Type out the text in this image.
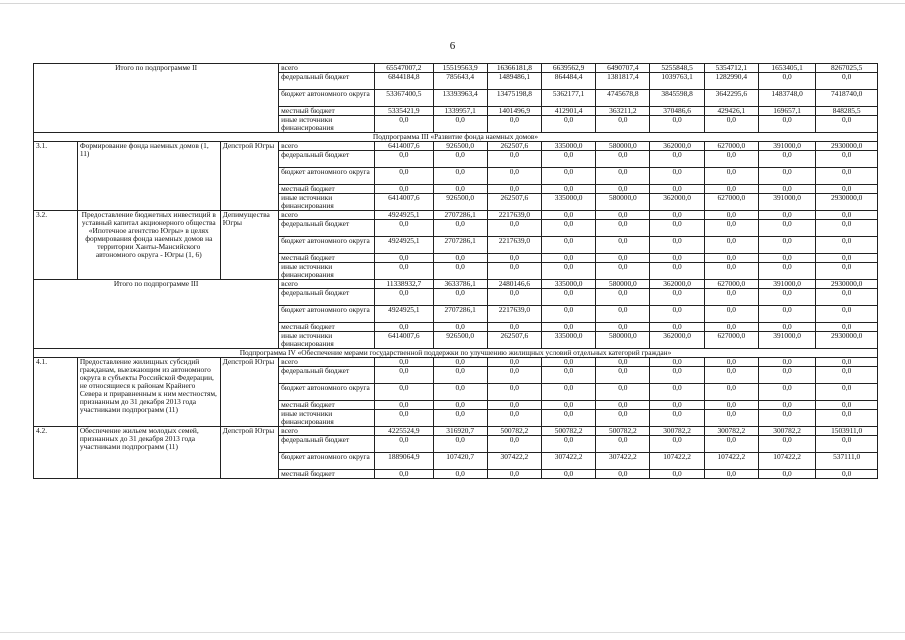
6
Итого по подпрограмме II			всего	65547007,2	15519563,9	16366181,8	6639562,9	6490707,4	5255848,5	5354712,1	1653405,1	8267025,5
			федеральный бюджет	6844184,8	785643,4	1489486,1	864484,4	1381817,4	1039763,1	1282990,4	0,0	0,0
			бюджет автономного округа	53367400,5	13393963,4	13475198,8	5362177,1	4745678,8	3845598,8	3642295,6	1483748,0	7418740,0
			местный бюджет	5335421,9	1339957,1	1401496,9	412901,4	363211,2	370486,6	429426,1	169657,1	848285,5
			иные источники финансирования	0,0	0,0	0,0	0,0	0,0	0,0	0,0	0,0	0,0
Подпрограмма III «Развитие фонда наемных домов»												
3.1.	Формирование фонда наемных домов (1, 11)	Депстрой Югры	всего	6414007,6	926500,0	262507,6	335000,0	580000,0	362000,0	627000,0	391000,0	2930000,0
			федеральный бюджет	0,0	0,0	0,0	0,0	0,0	0,0	0,0	0,0	0,0
			бюджет автономного округа	0,0	0,0	0,0	0,0	0,0	0,0	0,0	0,0	0,0
			местный бюджет	0,0	0,0	0,0	0,0	0,0	0,0	0,0	0,0	0,0
			иные источники финансирования	6414007,6	926500,0	262507,6	335000,0	580000,0	362000,0	627000,0	391000,0	2930000,0
3.2.	Предоставление бюджетных инвестиций в уставный капитал акционерного общества «Ипотечное агентство Югры» в целях формирования фонда наемных домов на территории Ханты-Мансийского автономного округа - Югры (1, 6)	Депимущества Югры	всего	4924925,1	2707286,1	2217639,0	0,0	0,0	0,0	0,0	0,0	0,0
			федеральный бюджет	0,0	0,0	0,0	0,0	0,0	0,0	0,0	0,0	0,0
			бюджет автономного округа	4924925,1	2707286,1	2217639,0	0,0	0,0	0,0	0,0	0,0	0,0
			местный бюджет	0,0	0,0	0,0	0,0	0,0	0,0	0,0	0,0	0,0
			иные источники финансирования	0,0	0,0	0,0	0,0	0,0	0,0	0,0	0,0	0,0
Итого по подпрограмме III			всего	11338932,7	3633786,1	2480146,6	335000,0	580000,0	362000,0	627000,0	391000,0	2930000,0
			федеральный бюджет	0,0	0,0	0,0	0,0	0,0	0,0	0,0	0,0	0,0
			бюджет автономного округа	4924925,1	2707286,1	2217639,0	0,0	0,0	0,0	0,0	0,0	0,0
			местный бюджет	0,0	0,0	0,0	0,0	0,0	0,0	0,0	0,0	0,0
			иные источники финансирования	6414007,6	926500,0	262507,6	335000,0	580000,0	362000,0	627000,0	391000,0	2930000,0
Подпрограмма IV «Обеспечение мерами государственной поддержки по улучшению жилищных условий отдельных категорий граждан»												
4.1.	Предоставление жилищных субсидий гражданам, выезжающим из автономного округа в субъекты Российской Федерации, не относящиеся к районам Крайнего Севера и приравненным к ним местностям, признанным до 31 декабря 2013 года участниками подпрограмм (11)	Депстрой Югры	всего	0,0	0,0	0,0	0,0	0,0	0,0	0,0	0,0	0,0
			федеральный бюджет	0,0	0,0	0,0	0,0	0,0	0,0	0,0	0,0	0,0
			бюджет автономного округа	0,0	0,0	0,0	0,0	0,0	0,0	0,0	0,0	0,0
			местный бюджет	0,0	0,0	0,0	0,0	0,0	0,0	0,0	0,0	0,0
			иные источники финансирования	0,0	0,0	0,0	0,0	0,0	0,0	0,0	0,0	0,0
4.2.	Обеспечение жильем молодых семей, признанных до 31 декабря 2013 года участниками подпрограмм (11)	Депстрой Югры	всего	4225524,9	316920,7	500782,2	500782,2	500782,2	300782,2	300782,2	300782,2	1503911,0
			федеральный бюджет	0,0	0,0	0,0	0,0	0,0	0,0	0,0	0,0	0,0
			бюджет автономного округа	1889064,9	107420,7	307422,2	307422,2	307422,2	107422,2	107422,2	107422,2	537111,0
			местный бюджет	0,0	0,0	0,0	0,0	0,0	0,0	0,0	0,0	0,0
